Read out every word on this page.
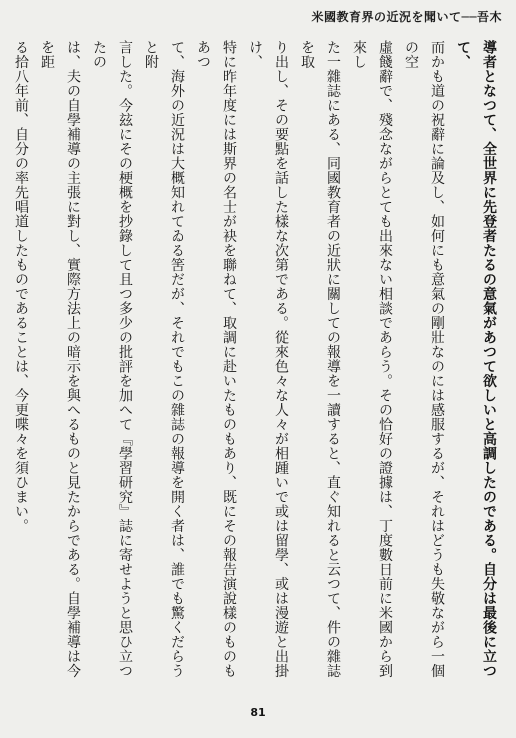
米國教育界の近況を聞いて──吾木

導者となつて、全世界に先登者たるの意氣があつて欲しいと高調したのである。自分は最後に立つて、

而かも道の祝辭に論及し、如何にも意氣の剛壯なのには感服するが、それはどうも失敬ながら一個の空

虛餞辭で、殘念ながらとても出來ない相談であらう。その恰好の證據は、丁度數日前に米國から到來し

た一雜誌にある、同國教育者の近狀に關しての報導を一讀すると、直ぐ知れると云つて、件の雜誌を取

り出し、その要點を話した樣な次第である。從來色々な人々が相踵いで或は留學、或は漫遊と出掛け、

特に昨年度には斯界の名士が袂を聯ねて、取調に赴いたものもあり、既にその報告演說樣のものもあつ

て、海外の近況は大概知れてゐる筈だが、それでもこの雜誌の報導を開く者は、誰でも驚くだらうと附

言した。今玆にその梗概を抄錄して且つ多少の批評を加へて『學習研究』誌に寄せようと思ひ立つたの

は、夫の自學補導の主張に對し、實際方法上の暗示を與へるものと見たからである。自學補導は今を距

る拾八年前、自分の率先唱道したものであることは、今更喋々を須ひまい。

81
